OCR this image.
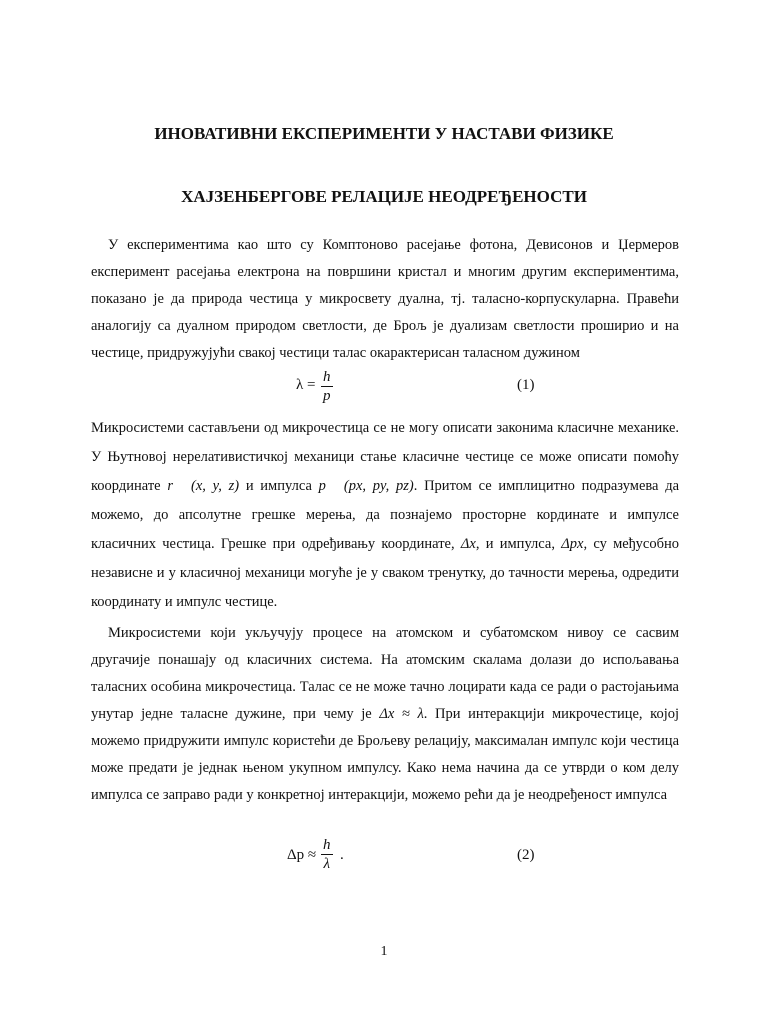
ИНОВАТИВНИ ЕКСПЕРИМЕНТИ У НАСТАВИ ФИЗИКЕ
ХАЈЗЕНБЕРГОВЕ РЕЛАЦИЈЕ НЕОДРЕЂЕНОСТИ
У експериментима као што су Комптоново расејање фотона, Девисонов и Џермеров експеримент расејања електрона на површини кристал и многим другим експериментима, показано је да природа честица у микросвету дуална, тј. таласно-корпускуларна. Правећи аналогију са дуалном природом светлости, де Брољ је дуализам светлости проширио и на честице, придружујући свакој честици талас окарактерисан таласном дужином
$\lambda = \frac{h}{p}$	(1)
Микросистеми састављени од микрочестица се не могу описати законима класичне механике. У Њутновој нерелативистичкој механици стање класичне честице се може описати помоћу координате r⃗ (x, y, z) и импулса p⃗ (px, py, pz). Притом се имплицитно подразумева да можемо, до апсолутне грешке мерења, да познајемо просторне кординате и импулсе класичних честица. Грешке при одређивању координате, Δx, и импулса, Δpx, су међусобно независне и у класичној механици могуће је у сваком тренутку, до тачности мерења, одредити координату и импулс честице.
Микросистеми који укључују процесе на атомском и субатомском нивоу се сасвим другачије понашају од класичних система. На атомским скалама долази до испољавања таласних особина микрочестица. Талас се не може тачно лоцирати када се ради о растојањима унутар једне таласне дужине, при чему је Δx ≈ λ. При интеракцији микрочестице, којој можемо придружити импулс користећи де Брољеву релацију, максималан импулс који честица може предати је једнак њеном укупном импулсу. Како нема начина да се утврди о ком делу импулса се заправо ради у конкретној интеракцији, можемо рећи да је неодређеност импулса
$\Delta p \approx \frac{h}{\lambda}$ .	(2)
1
